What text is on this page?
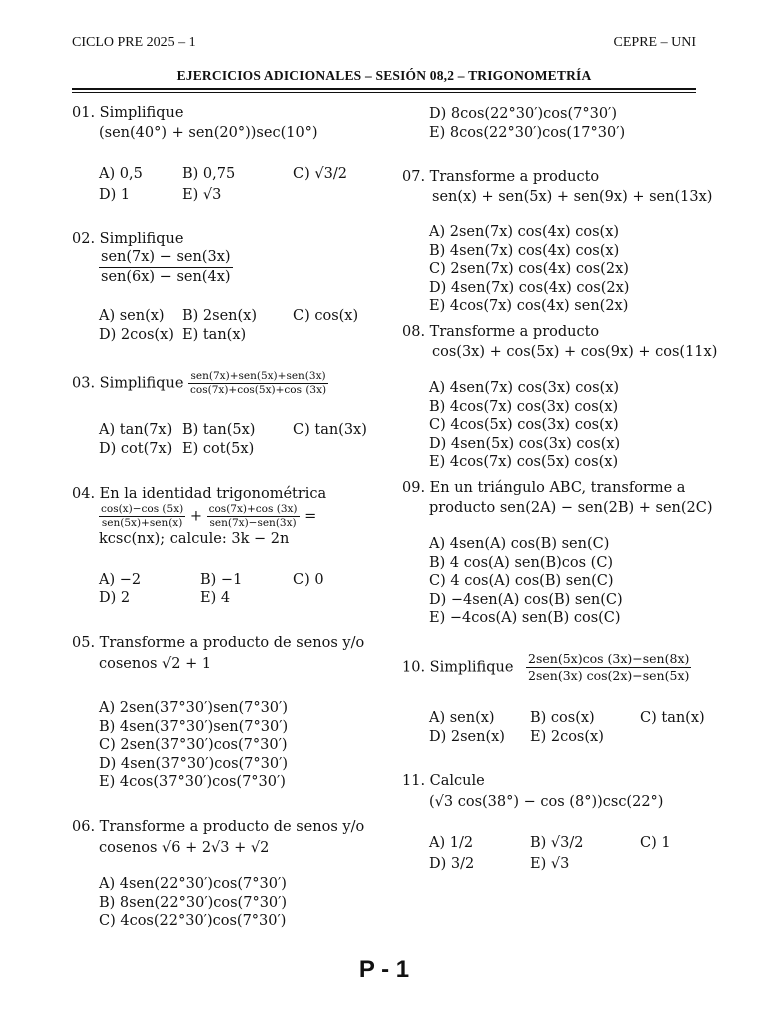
CICLO PRE 2025 – 1	CEPRE – UNI
EJERCICIOS ADICIONALES – SESIÓN 08,2 – TRIGONOMETRÍA
01. Simplifique
(sen(40°) + sen(20°))sec(10°)
A) 0,5	B) 0,75	C) √3/2
D) 1	E) √3
02. Simplifique
$\frac{\text{sen(7x) − sen(3x)}}{\text{sen(6x) − sen(4x)}}$
A) sen(x) B) 2sen(x) C) cos(x)
D) 2cos(x) E) tan(x)
03. Simplifique $\frac{\text{sen(7x)+sen(5x)+sen(3x)}}{\cos(7x)+\cos(5x)+\cos (3x)}$
A) tan(7x) B) tan(5x)	C) tan(3x)
D) cot(7x) E) cot(5x)
04. En la identidad trigonométrica
$\frac{\cos(x)-\cos (5x)}{\text{sen(5x)+sen(x)}} + \frac{\cos(7x)+\cos (3x)}{\text{sen(7x)−sen(3x)}}$ =
kcsc(nx); calcule: 3k − 2n
A) −2	B) −1	C) 0
D) 2	E) 4
05. Transforme a producto de senos y/o
cosenos √2 + 1
A) 2sen(37°30′)sen(7°30′)
B) 4sen(37°30′)sen(7°30′)
C) 2sen(37°30′)cos(7°30′)
D) 4sen(37°30′)cos(7°30′)
E) 4cos(37°30′)cos(7°30′)
06. Transforme a producto de senos y/o
cosenos √6 + 2√3 + √2
A) 4sen(22°30′)cos(7°30′)
B) 8sen(22°30′)cos(7°30′)
C) 4cos(22°30′)cos(7°30′)
D) 8cos(22°30′)cos(7°30′)
E) 8cos(22°30′)cos(17°30′)
07. Transforme a producto
sen(x) + sen(5x) + sen(9x) + sen(13x)
A) 2sen(7x) cos(4x) cos(x)
B) 4sen(7x) cos(4x) cos(x)
C) 2sen(7x) cos(4x) cos(2x)
D) 4sen(7x) cos(4x) cos(2x)
E) 4cos(7x) cos(4x) sen(2x)
08. Transforme a producto
cos(3x) + cos(5x) + cos(9x) + cos(11x)
A) 4sen(7x) cos(3x) cos(x)
B) 4cos(7x) cos(3x) cos(x)
C) 4cos(5x) cos(3x) cos(x)
D) 4sen(5x) cos(3x) cos(x)
E) 4cos(7x) cos(5x) cos(x)
09. En un triángulo ABC, transforme a
producto sen(2A) − sen(2B) + sen(2C)
A) 4sen(A) cos(B) sen(C)
B) 4 cos(A) sen(B)cos (C)
C) 4 cos(A) cos(B) sen(C)
D) −4sen(A) cos(B) sen(C)
E) −4cos(A) sen(B) cos(C)
10. Simplifique $\frac{\text{2sen(5x)cos (3x)−sen(8x)}}{\text{2sen(3x) cos(2x)−sen(5x)}}$
A) sen(x) B) cos(x)	C) tan(x)
D) 2sen(x) E) 2cos(x)
11. Calcule
(√3 cos(38°) − cos (8°))csc(22°)
A) 1/2	B) √3/2	C) 1
D) 3/2	E) √3
P - 1
